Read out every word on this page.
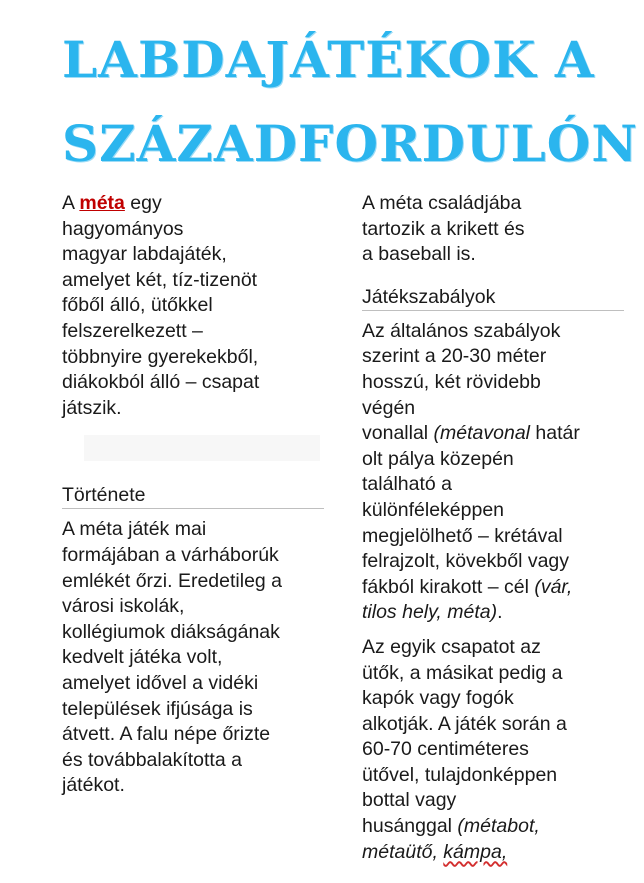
LABDAJÁTÉKOK A
SZÁZADFORDULÓN

A méta egy
hagyományos
magyar labdajáték,
amelyet két, tíz-tizenöt
főből álló, ütőkkel
felszerelkezett –
többnyire gyerekekből,
diákokból álló – csapat
játszik.

Története

A méta játék mai
formájában a várháborúk
emlékét őrzi. Eredetileg a
városi iskolák,
kollégiumok diákságának
kedvelt játéka volt,
amelyet idővel a vidéki
települések ifjúsága is
átvett. A falu népe őrizte
és továbbalakította a
játékot.

A méta családjába
tartozik a krikett és
a baseball is.

Játékszabályok

Az általános szabályok
szerint a 20-30 méter
hosszú, két rövidebb
végén
vonallal (métavonal határ
olt pálya közepén
található a
különféleképpen
megjelölhető – krétával
felrajzolt, kövekből vagy
fákból kirakott – cél (vár,
tilos hely, méta).

Az egyik csapatot az
ütők, a másikat pedig a
kapók vagy fogók
alkotják. A játék során a
60-70 centiméteres
ütővel, tulajdonképpen
bottal vagy
husánggal (métabot,
métaütő, kámpa,
